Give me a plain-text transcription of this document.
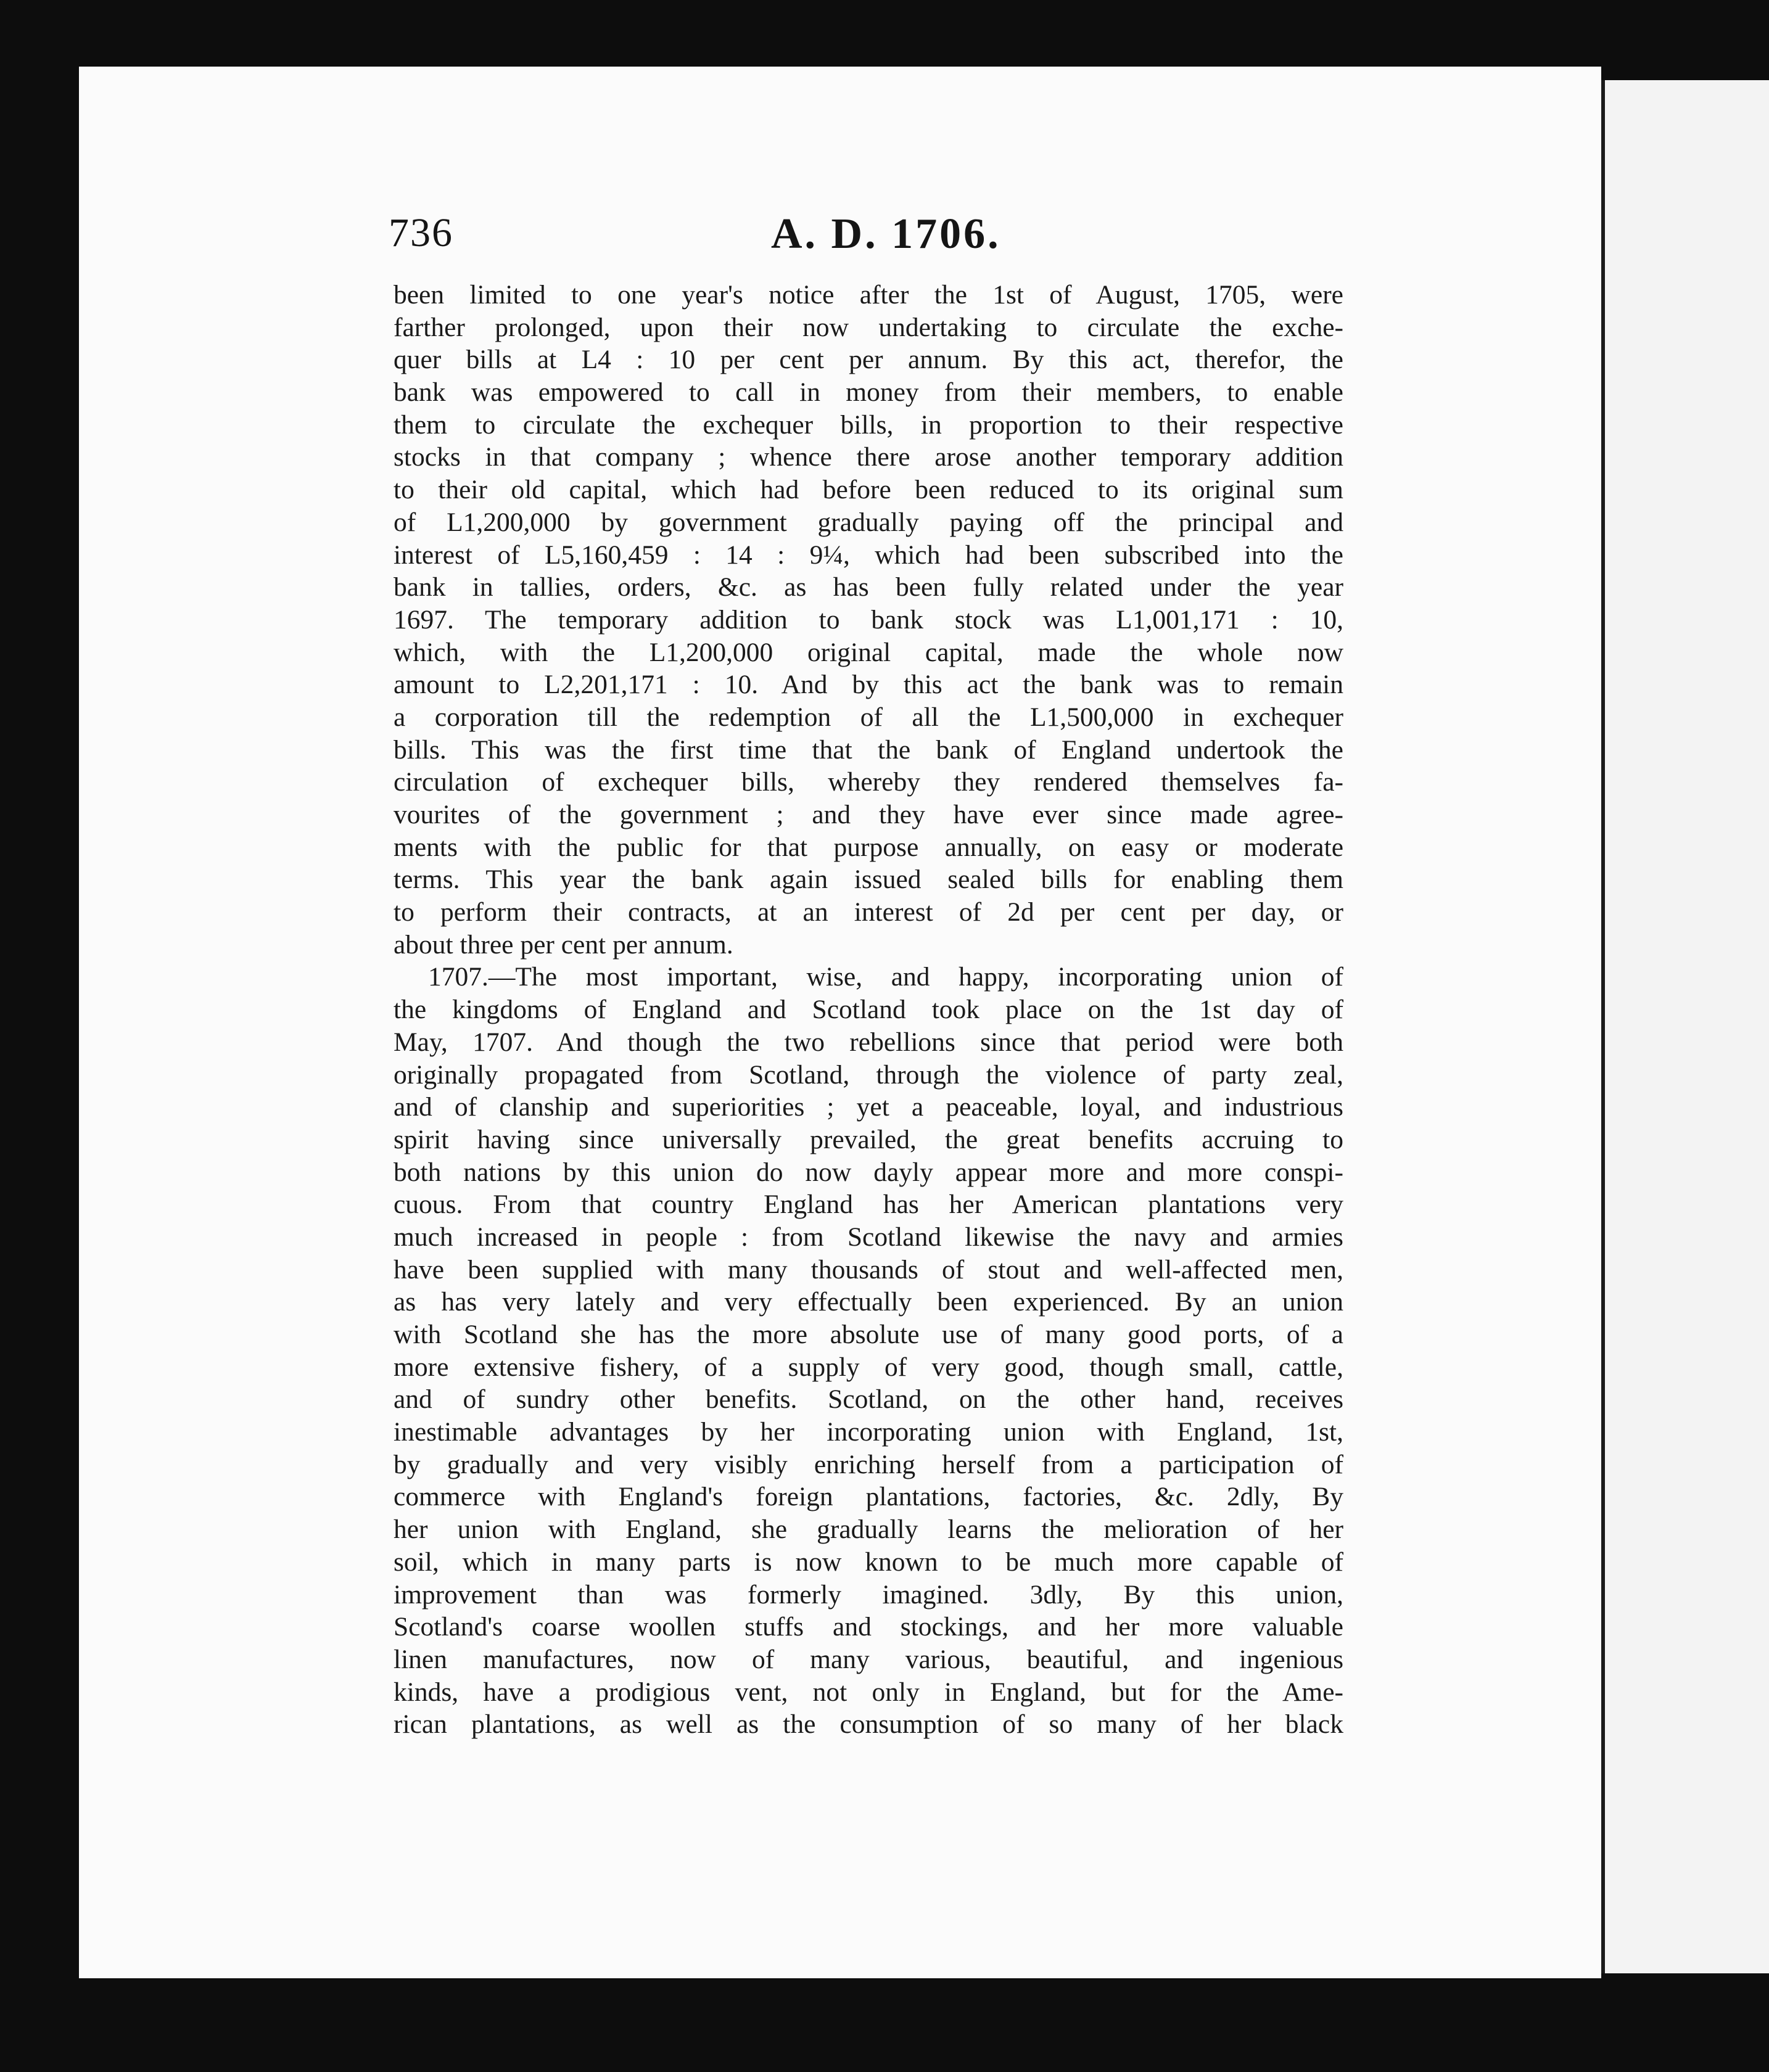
736	A. D. 1706.
been limited to one year's notice after the 1st of August, 1705, were
farther prolonged, upon their now undertaking to circulate the exche-
quer bills at L4 : 10 per cent per annum. By this act, therefor, the
bank was empowered to call in money from their members, to enable
them to circulate the exchequer bills, in proportion to their respective
stocks in that company ; whence there arose another temporary addition
to their old capital, which had before been reduced to its original sum
of L1,200,000 by government gradually paying off the principal and
interest of L5,160,459 : 14 : 9¼, which had been subscribed into the
bank in tallies, orders, &c. as has been fully related under the year
1697. The temporary addition to bank stock was L1,001,171 : 10,
which, with the L1,200,000 original capital, made the whole now
amount to L2,201,171 : 10. And by this act the bank was to remain
a corporation till the redemption of all the L1,500,000 in exchequer
bills. This was the first time that the bank of England undertook the
circulation of exchequer bills, whereby they rendered themselves fa-
vourites of the government ; and they have ever since made agree-
ments with the public for that purpose annually, on easy or moderate
terms. This year the bank again issued sealed bills for enabling them
to perform their contracts, at an interest of 2d per cent per day, or
about three per cent per annum.
1707.—The most important, wise, and happy, incorporating union of
the kingdoms of England and Scotland took place on the 1st day of
May, 1707. And though the two rebellions since that period were both
originally propagated from Scotland, through the violence of party zeal,
and of clanship and superiorities ; yet a peaceable, loyal, and industrious
spirit having since universally prevailed, the great benefits accruing to
both nations by this union do now dayly appear more and more conspi-
cuous. From that country England has her American plantations very
much increased in people : from Scotland likewise the navy and armies
have been supplied with many thousands of stout and well-affected men,
as has very lately and very effectually been experienced. By an union
with Scotland she has the more absolute use of many good ports, of a
more extensive fishery, of a supply of very good, though small, cattle,
and of sundry other benefits. Scotland, on the other hand, receives
inestimable advantages by her incorporating union with England, 1st,
by gradually and very visibly enriching herself from a participation of
commerce with England's foreign plantations, factories, &c. 2dly, By
her union with England, she gradually learns the melioration of her
soil, which in many parts is now known to be much more capable of
improvement than was formerly imagined. 3dly, By this union,
Scotland's coarse woollen stuffs and stockings, and her more valuable
linen manufactures, now of many various, beautiful, and ingenious
kinds, have a prodigious vent, not only in England, but for the Ame-
rican plantations, as well as the consumption of so many of her black
